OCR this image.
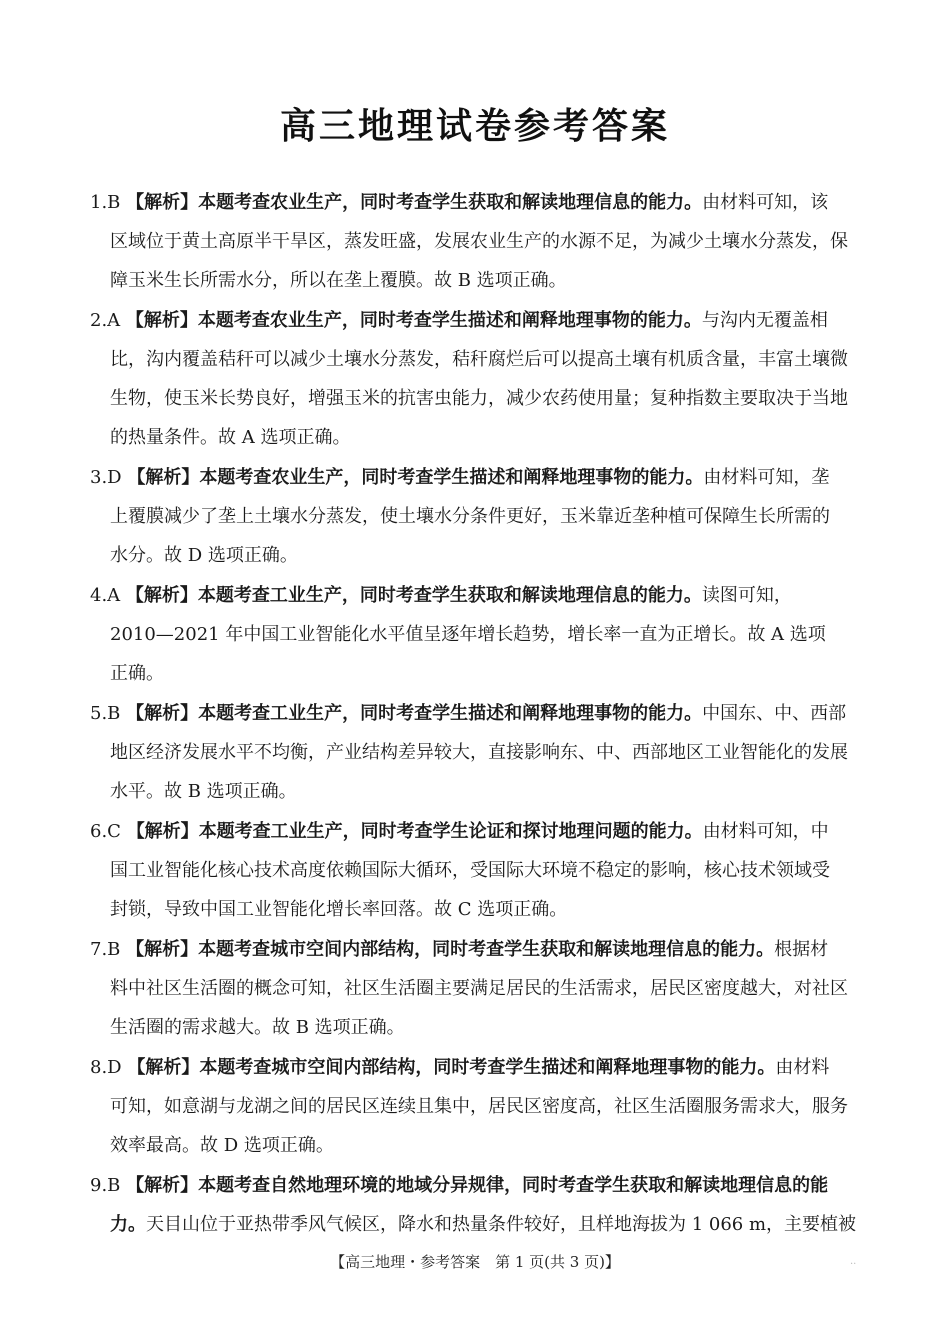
高三地理试卷参考答案
1.B 【解析】本题考查农业生产，同时考查学生获取和解读地理信息的能力。由材料可知，该
区域位于黄土高原半干旱区，蒸发旺盛，发展农业生产的水源不足，为减少土壤水分蒸发，保
障玉米生长所需水分，所以在垄上覆膜。故 B 选项正确。
2.A 【解析】本题考查农业生产，同时考查学生描述和阐释地理事物的能力。与沟内无覆盖相
比，沟内覆盖秸秆可以减少土壤水分蒸发，秸秆腐烂后可以提高土壤有机质含量，丰富土壤微
生物，使玉米长势良好，增强玉米的抗害虫能力，减少农药使用量；复种指数主要取决于当地
的热量条件。故 A 选项正确。
3.D 【解析】本题考查农业生产，同时考查学生描述和阐释地理事物的能力。由材料可知，垄
上覆膜减少了垄上土壤水分蒸发，使土壤水分条件更好，玉米靠近垄种植可保障生长所需的
水分。故 D 选项正确。
4.A 【解析】本题考查工业生产，同时考查学生获取和解读地理信息的能力。读图可知，
2010—2021 年中国工业智能化水平值呈逐年增长趋势，增长率一直为正增长。故 A 选项
正确。
5.B 【解析】本题考查工业生产，同时考查学生描述和阐释地理事物的能力。中国东、中、西部
地区经济发展水平不均衡，产业结构差异较大，直接影响东、中、西部地区工业智能化的发展
水平。故 B 选项正确。
6.C 【解析】本题考查工业生产，同时考查学生论证和探讨地理问题的能力。由材料可知，中
国工业智能化核心技术高度依赖国际大循环，受国际大环境不稳定的影响，核心技术领域受
封锁，导致中国工业智能化增长率回落。故 C 选项正确。
7.B 【解析】本题考查城市空间内部结构，同时考查学生获取和解读地理信息的能力。根据材
料中社区生活圈的概念可知，社区生活圈主要满足居民的生活需求，居民区密度越大，对社区
生活圈的需求越大。故 B 选项正确。
8.D 【解析】本题考查城市空间内部结构，同时考查学生描述和阐释地理事物的能力。由材料
可知，如意湖与龙湖之间的居民区连续且集中，居民区密度高，社区生活圈服务需求大，服务
效率最高。故 D 选项正确。
9.B 【解析】本题考查自然地理环境的地域分异规律，同时考查学生获取和解读地理信息的能
力。天目山位于亚热带季风气候区，降水和热量条件较好，且样地海拔为 1 066 m，主要植被
【高三地理・参考答案　第 1 页(共 3 页)】	..
